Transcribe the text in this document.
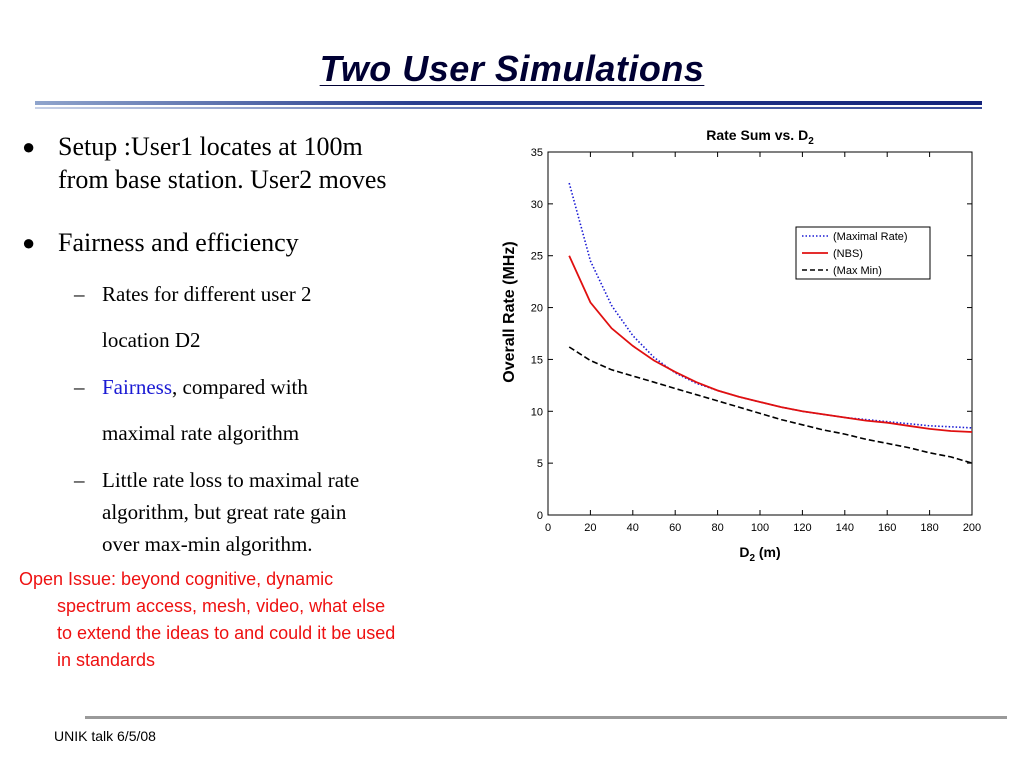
Two User Simulations
● Setup :User1 locates at 100m
from base station. User2 moves
● Fairness and efficiency
– Rates for different user 2
location D2
– Fairness, compared with
maximal rate algorithm
– Little rate loss to maximal rate
algorithm, but great rate gain
over max-min algorithm.
Open Issue: beyond cognitive, dynamic
spectrum access, mesh, video, what else
to extend the ideas to and could it be used
in standards
Rate Sum vs. $D_2$
$D_2$ (m)
Overall Rate (MHz)
0	20	40	60	80 100 120 140 160 180 200
0
5
10
15
20
25
30
35
(Maximal Rate)
(NBS)
(Max Min)
UNIK talk 6/5/08
